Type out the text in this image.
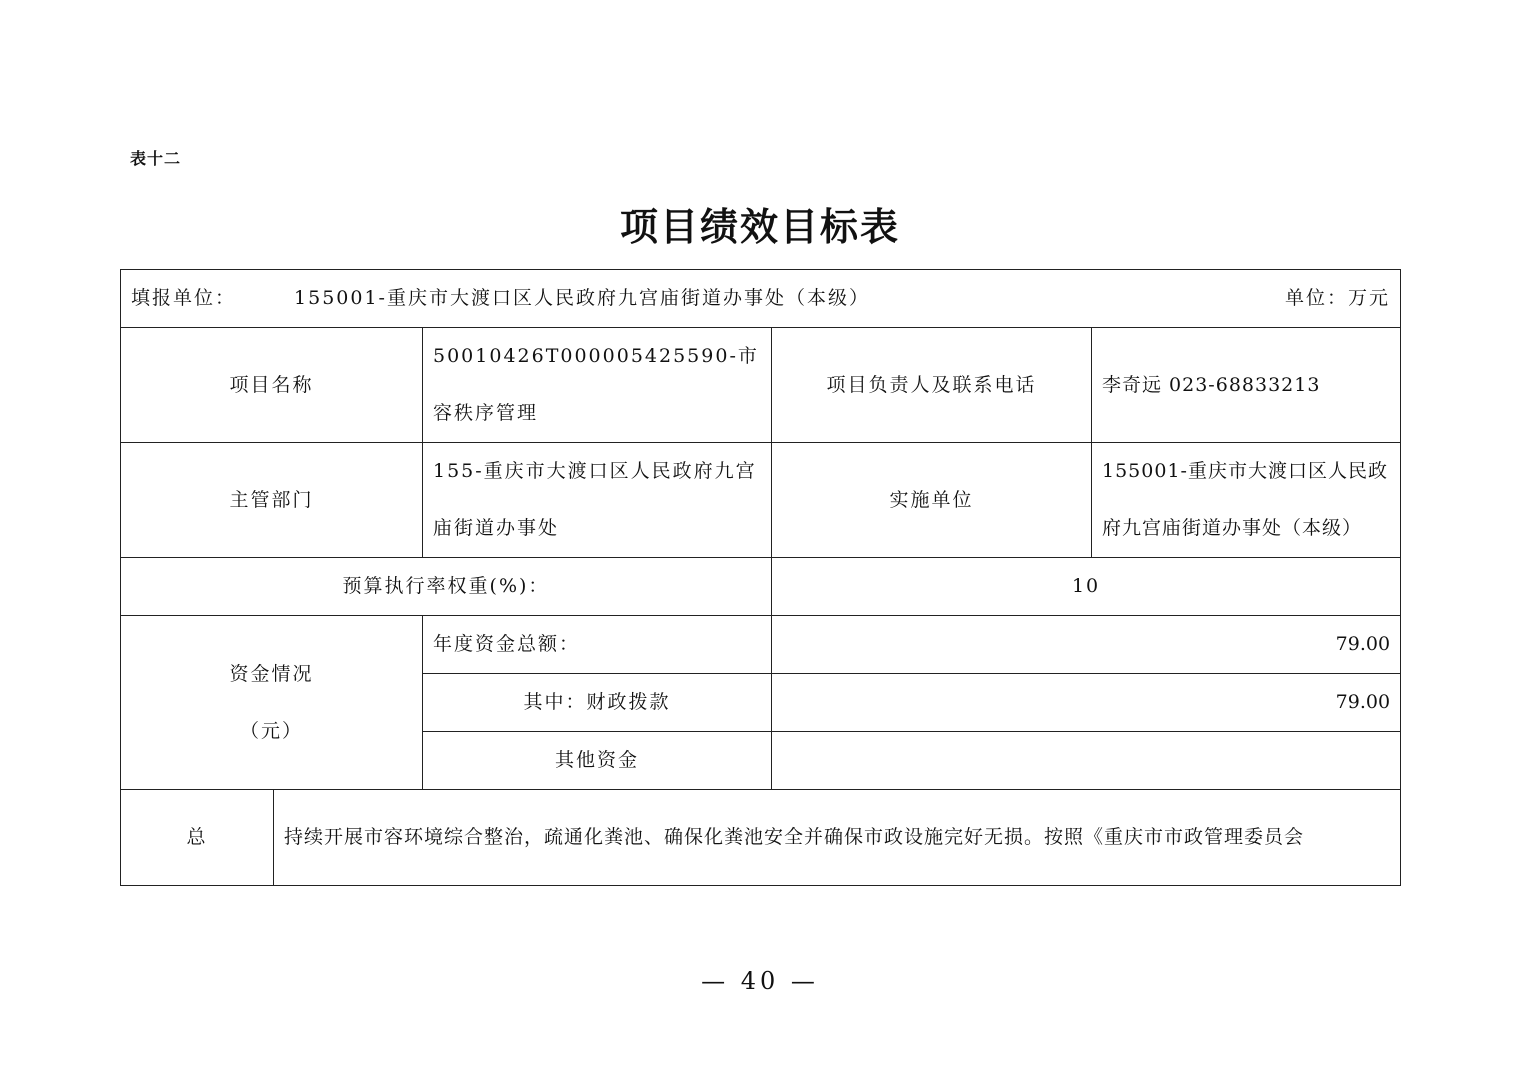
表十二
项目绩效目标表
填报单位： 155001-重庆市大渡口区人民政府九宫庙街道办事处（本级） 单位：万元				

项目名称		50010426T000005425590-市容秩序管理	项目负责人及联系电话	李奇远 023-68833213
主管部门		155-重庆市大渡口区人民政府九宫庙街道办事处	实施单位	155001-重庆市大渡口区人民政府九宫庙街道办事处（本级）
预算执行率权重(%)：			10	

资金情况
（元）		年度资金总额：	79.00	
		其中：财政拨款	79.00	
		其他资金		
总	持续开展市容环境综合整治，疏通化粪池、确保化粪池安全并确保市政设施完好无损。按照《重庆市市政管理委员会			
— 40 —
